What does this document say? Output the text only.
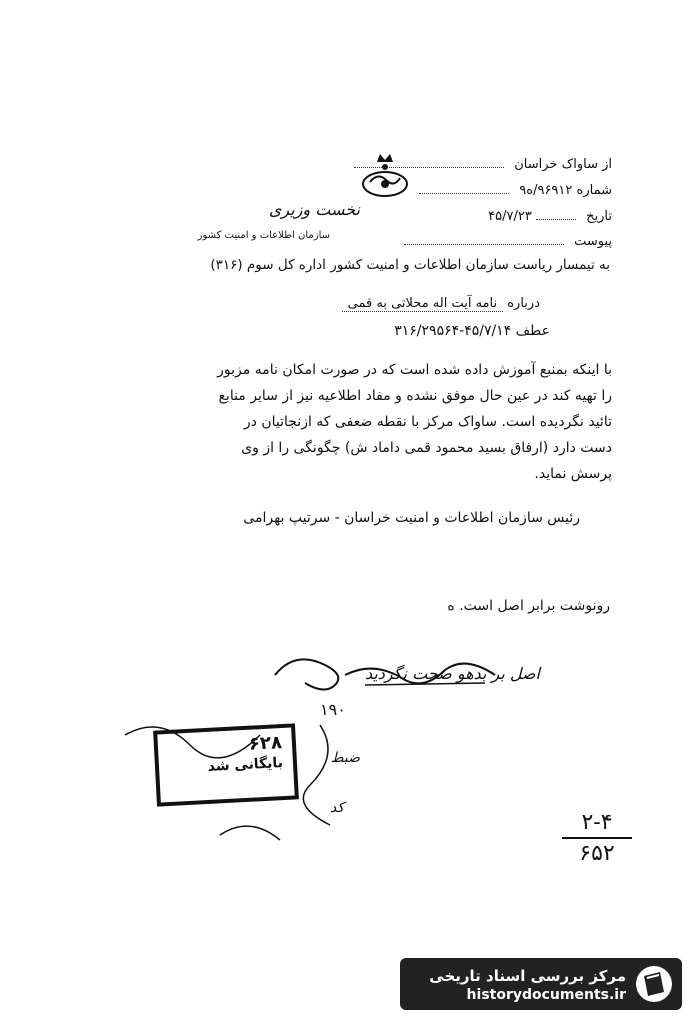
نخست وزیری
سازمان اطلاعات و امنیت کشور
از ساواک خراسان
شماره ۹۶۹۱۲/ه۹
تاریخ  ۴۵/۷/۲۳
پیوست
به تیمسار ریاست سازمان اطلاعات و امنیت کشور اداره کل سوم (۳۱۶)
درباره نامه آیت اله محلاتی به قمی
عطف ۴۵/۷/۱۴-۳۱۶/۲۹۵۶۴

با اینکه بمنبع آموزش داده شده است که در صورت امکان نامه مزبور

را تهیه کند در عین حال موفق نشده و مفاد اطلاعیه نیز از سایر منابع

تائید نگردیده است. ساواک مرکز با نقطه ضعفی که ازنجاتیان در

دست دارد (ارفاق بسید محمود قمی داماد ش) چگونگی را از وی

پرسش نماید.

رئیس سازمان اطلاعات و امنیت خراسان - سرتیپ بهرامی
رونوشت برابر اصل است. ه
اصل بر بدهو صحت نگردید
۱۹۰
۶۲۸
بایگانی شد	ضبط
کد
۲-۴
۶۵۲
مرکز بررسی اسناد تاریخی
historydocuments.ir
